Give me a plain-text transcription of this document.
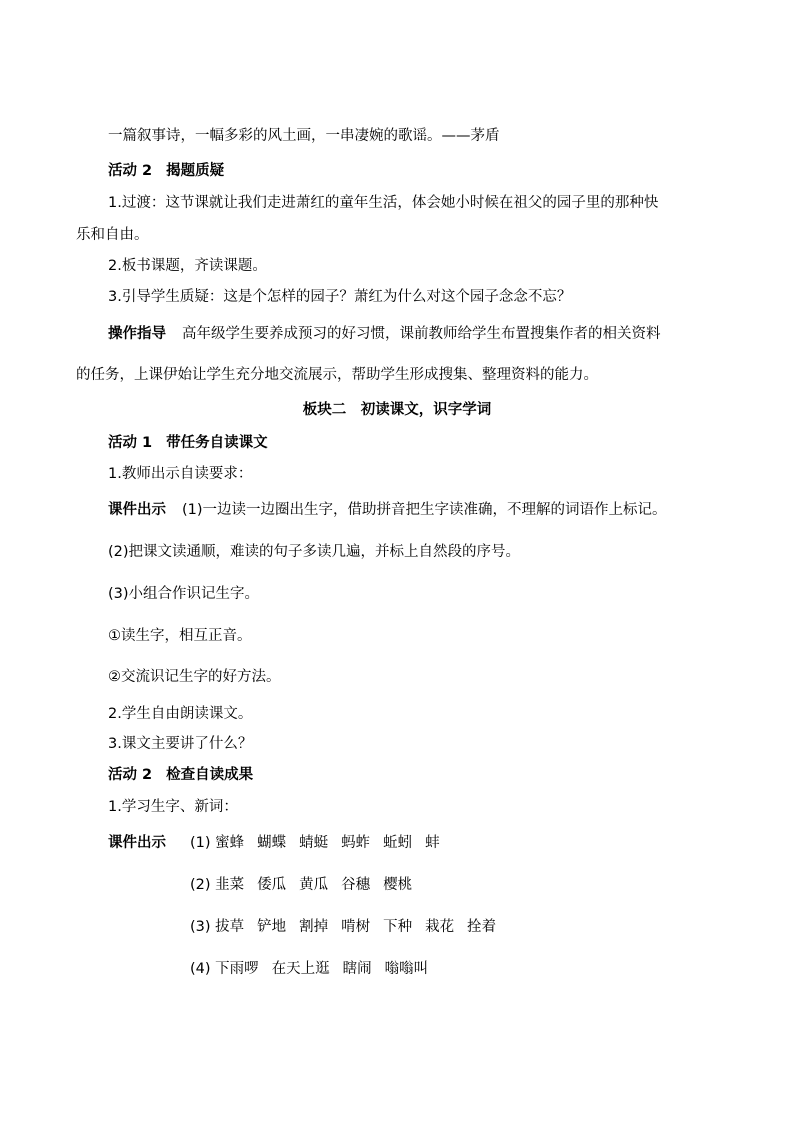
一篇叙事诗，一幅多彩的风土画，一串凄婉的歌谣。——茅盾
活动 2 揭题质疑
1.过渡：这节课就让我们走进萧红的童年生活，体会她小时候在祖父的园子里的那种快
乐和自由。
2.板书课题，齐读课题。
3.引导学生质疑：这是个怎样的园子？萧红为什么对这个园子念念不忘？
操作指导 高年级学生要养成预习的好习惯，课前教师给学生布置搜集作者的相关资料
的任务，上课伊始让学生充分地交流展示，帮助学生形成搜集、整理资料的能力。
板块二　初读课文，识字学词
活动 1 带任务自读课文
1.教师出示自读要求：
课件出示 (1)一边读一边圈出生字，借助拼音把生字读准确，不理解的词语作上标记。
(2)把课文读通顺，难读的句子多读几遍，并标上自然段的序号。
(3)小组合作识记生字。
①读生字，相互正音。
②交流识记生字的好方法。
2.学生自由朗读课文。
3.课文主要讲了什么？
活动 2 检查自读成果
1.学习生字、新词：
课件出示 (1) 蜜蜂 蝴蝶 蜻蜓 蚂蚱 蚯蚓 蚌
(2) 韭菜 倭瓜 黄瓜 谷穗 樱桃
(3) 拔草 铲地 割掉 啃树 下种 栽花 拴着
(4) 下雨啰 在天上逛 瞎闹 嗡嗡叫
